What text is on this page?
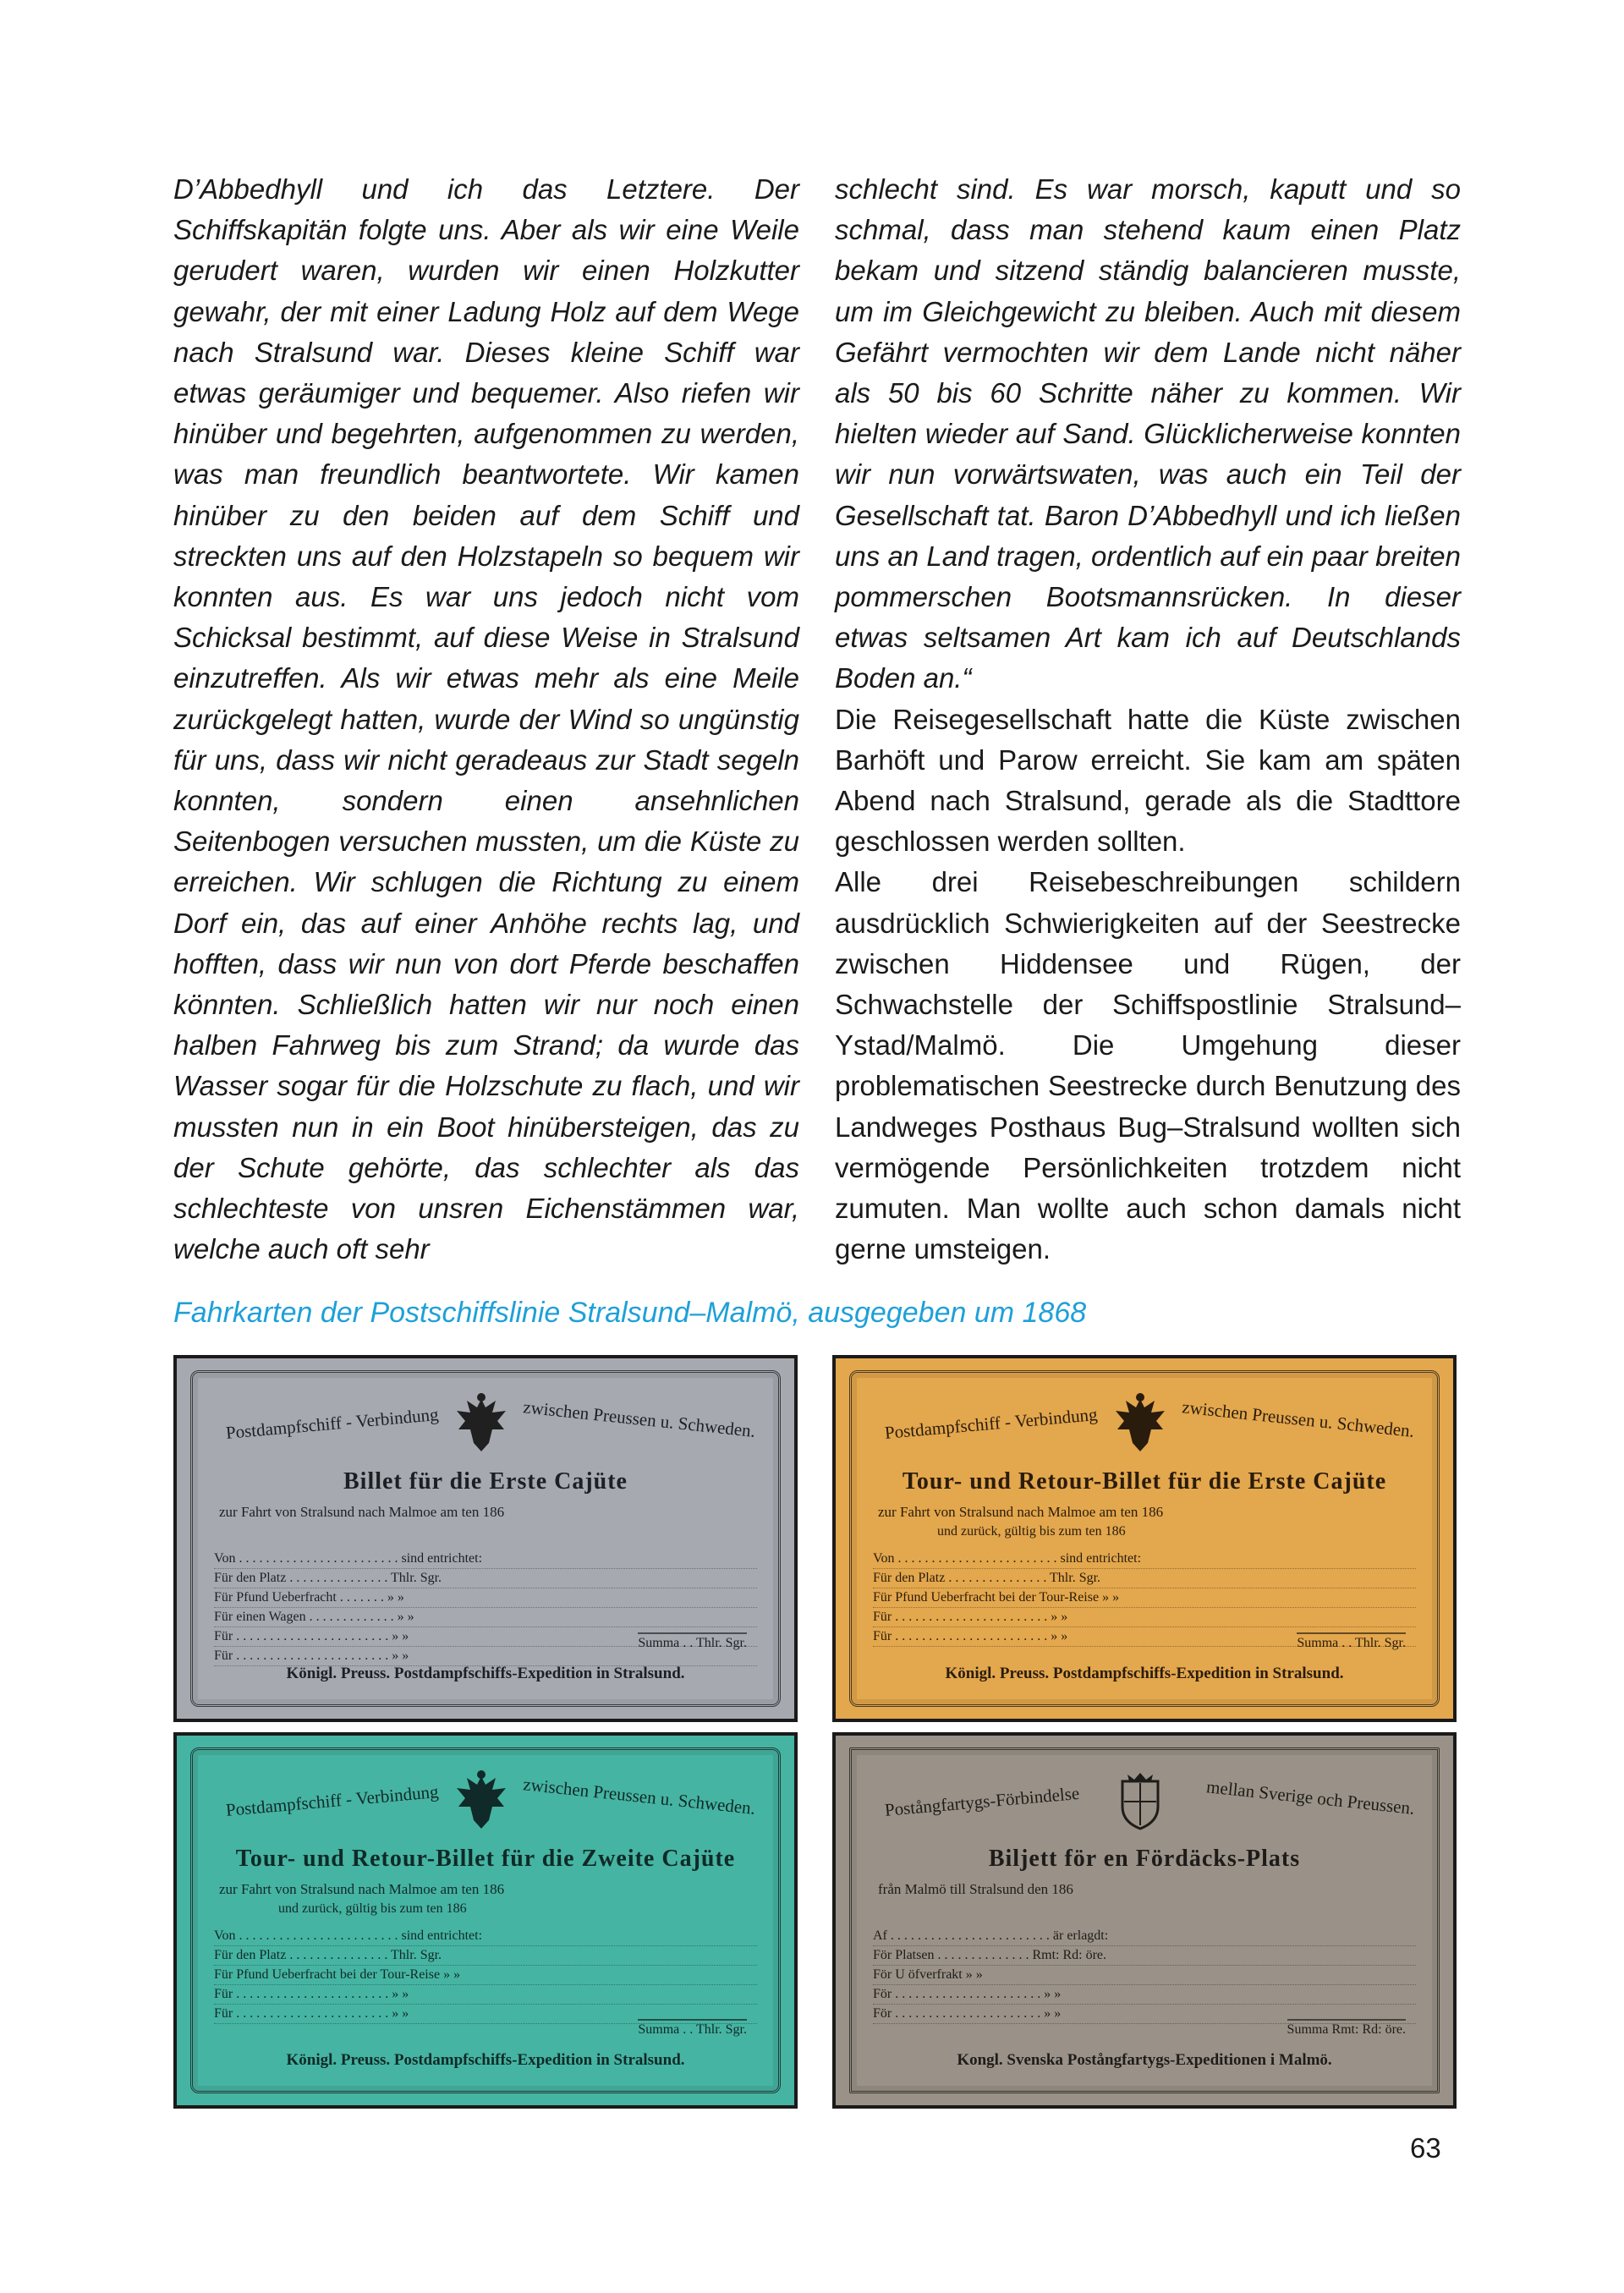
D’Abbedhyll und ich das Letztere. Der Schiffskapitän folgte uns. Aber als wir eine Weile gerudert waren, wurden wir einen Holzkutter gewahr, der mit einer Ladung Holz auf dem Wege nach Stralsund war. Dieses kleine Schiff war etwas geräumiger und bequemer. Also riefen wir hinüber und begehrten, aufgenommen zu werden, was man freundlich beantwortete. Wir kamen hinüber zu den beiden auf dem Schiff und streckten uns auf den Holzstapeln so bequem wir konnten aus. Es war uns jedoch nicht vom Schicksal bestimmt, auf diese Weise in Stralsund einzutreffen. Als wir etwas mehr als eine Meile zurückgelegt hatten, wurde der Wind so ungünstig für uns, dass wir nicht geradeaus zur Stadt segeln konnten, sondern einen ansehnlichen Seitenbogen versuchen mussten, um die Küste zu erreichen. Wir schlugen die Richtung zu einem Dorf ein, das auf einer Anhöhe rechts lag, und hofften, dass wir nun von dort Pferde beschaffen könnten. Schließlich hatten wir nur noch einen halben Fahrweg bis zum Strand; da wurde das Wasser sogar für die Holzschute zu flach, und wir mussten nun in ein Boot hinübersteigen, das zu der Schute gehörte, das schlechter als das schlechteste von unsren Eichenstämmen war, welche auch oft sehr

schlecht sind. Es war morsch, kaputt und so schmal, dass man stehend kaum einen Platz bekam und sitzend ständig balancieren musste, um im Gleichgewicht zu bleiben. Auch mit diesem Gefährt vermochten wir dem Lande nicht näher als 50 bis 60 Schritte näher zu kommen. Wir hielten wieder auf Sand. Glücklicherweise konnten wir nun vorwärtswaten, was auch ein Teil der Gesellschaft tat. Baron D’Abbedhyll und ich ließen uns an Land tragen, ordentlich auf ein paar breiten pommerschen Bootsmannsrücken. In dieser etwas seltsamen Art kam ich auf Deutschlands Boden an.“

Die Reisegesellschaft hatte die Küste zwischen Barhöft und Parow erreicht. Sie kam am späten Abend nach Stralsund, gerade als die Stadttore geschlossen werden sollten.

Alle drei Reisebeschreibungen schildern ausdrücklich Schwierigkeiten auf der Seestrecke zwischen Hiddensee und Rügen, der Schwachstelle der Schiffspostlinie Stralsund–Ystad/Malmö. Die Umgehung dieser problematischen Seestrecke durch Benutzung des Landweges Posthaus Bug–Stralsund wollten sich vermögende Persönlichkeiten trotzdem nicht zumuten. Man wollte auch schon damals nicht gerne umsteigen.

Fahrkarten der Postschiffslinie Stralsund–Malmö, ausgegeben um 1868
Postdampfschiff - Verbindung	zwischen Preussen u. Schweden.
Billet für die Erste Cajüte
zur Fahrt von Stralsund nach Malmoe am ten 186
Von . . . . . . . . . . . . . . . . . . . . . . . . sind entrichtet:
Für den Platz . . . . . . . . . . . . . . . Thlr. Sgr.
Für Pfund Ueberfracht . . . . . . . » »
Für einen Wagen . . . . . . . . . . . . . » »
Für . . . . . . . . . . . . . . . . . . . . . . . » »
Für . . . . . . . . . . . . . . . . . . . . . . . » »
Summa . . Thlr. Sgr.
Königl. Preuss. Postdampfschiffs-Expedition in Stralsund.
Postdampfschiff - Verbindung	zwischen Preussen u. Schweden.
Tour- und Retour-Billet für die Erste Cajüte
zur Fahrt von Stralsund nach Malmoe am ten 186
und zurück, gültig bis zum ten 186
Von . . . . . . . . . . . . . . . . . . . . . . . . sind entrichtet:
Für den Platz . . . . . . . . . . . . . . . Thlr. Sgr.
Für Pfund Ueberfracht bei der Tour-Reise » »
Für . . . . . . . . . . . . . . . . . . . . . . . » »
Für . . . . . . . . . . . . . . . . . . . . . . . » »	Summa . . Thlr. Sgr.
Königl. Preuss. Postdampfschiffs-Expedition in Stralsund.
Postdampfschiff - Verbindung	zwischen Preussen u. Schweden.
Tour- und Retour-Billet für die Zweite Cajüte
zur Fahrt von Stralsund nach Malmoe am ten 186
und zurück, gültig bis zum ten 186
Von . . . . . . . . . . . . . . . . . . . . . . . . sind entrichtet:
Für den Platz . . . . . . . . . . . . . . . Thlr. Sgr.
Für Pfund Ueberfracht bei der Tour-Reise » »
Für . . . . . . . . . . . . . . . . . . . . . . . » »
Für . . . . . . . . . . . . . . . . . . . . . . . » »
Summa . . Thlr. Sgr.
Königl. Preuss. Postdampfschiffs-Expedition in Stralsund.
Postångfartygs-Förbindelse	mellan Sverige och Preussen.
Biljett för en Fördäcks-Plats
från Malmö till Stralsund den 186
Af . . . . . . . . . . . . . . . . . . . . . . . . är erlagdt:
För Platsen . . . . . . . . . . . . . . Rmt: Rd: öre.
För U öfverfrakt » »
För . . . . . . . . . . . . . . . . . . . . . . » »
För . . . . . . . . . . . . . . . . . . . . . . » »
Summa Rmt: Rd: öre.
Kongl. Svenska Postångfartygs-Expeditionen i Malmö.
63
